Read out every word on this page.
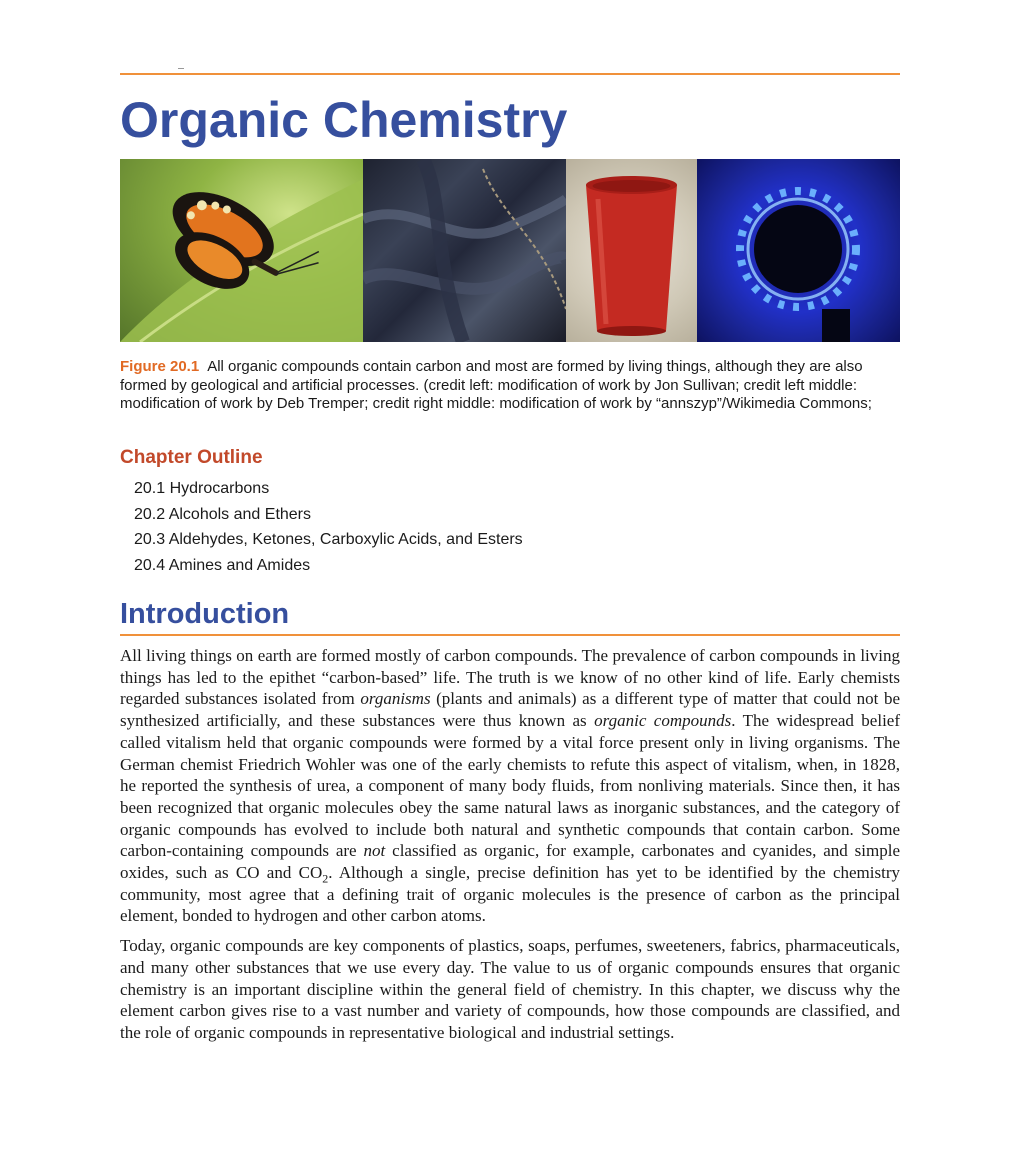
Organic Chemistry
Figure 20.1 All organic compounds contain carbon and most are formed by living things, although they are also formed by geological and artificial processes. (credit left: modification of work by Jon Sullivan; credit left middle: modification of work by Deb Tremper; credit right middle: modification of work by “annszyp”/Wikimedia Commons;
Chapter Outline
20.1 Hydrocarbons
20.2 Alcohols and Ethers
20.3 Aldehydes, Ketones, Carboxylic Acids, and Esters
20.4 Amines and Amides
Introduction

All living things on earth are formed mostly of carbon compounds. The prevalence of carbon compounds in living things has led to the epithet “carbon-based” life. The truth is we know of no other kind of life. Early chemists regarded substances isolated from organisms (plants and animals) as a different type of matter that could not be synthesized artificially, and these substances were thus known as organic compounds. The widespread belief called vitalism held that organic compounds were formed by a vital force present only in living organisms. The German chemist Friedrich Wohler was one of the early chemists to refute this aspect of vitalism, when, in 1828, he reported the synthesis of urea, a component of many body fluids, from nonliving materials. Since then, it has been recognized that organic molecules obey the same natural laws as inorganic substances, and the category of organic compounds has evolved to include both natural and synthetic compounds that contain carbon. Some carbon-containing compounds are not classified as organic, for example, carbonates and cyanides, and simple oxides, such as CO and $CO_2$. Although a single, precise definition has yet to be identified by the chemistry community, most agree that a defining trait of organic molecules is the presence of carbon as the principal element, bonded to hydrogen and other carbon atoms.

Today, organic compounds are key components of plastics, soaps, perfumes, sweeteners, fabrics, pharmaceuticals, and many other substances that we use every day. The value to us of organic compounds ensures that organic chemistry is an important discipline within the general field of chemistry. In this chapter, we discuss why the element carbon gives rise to a vast number and variety of compounds, how those compounds are classified, and the role of organic compounds in representative biological and industrial settings.
